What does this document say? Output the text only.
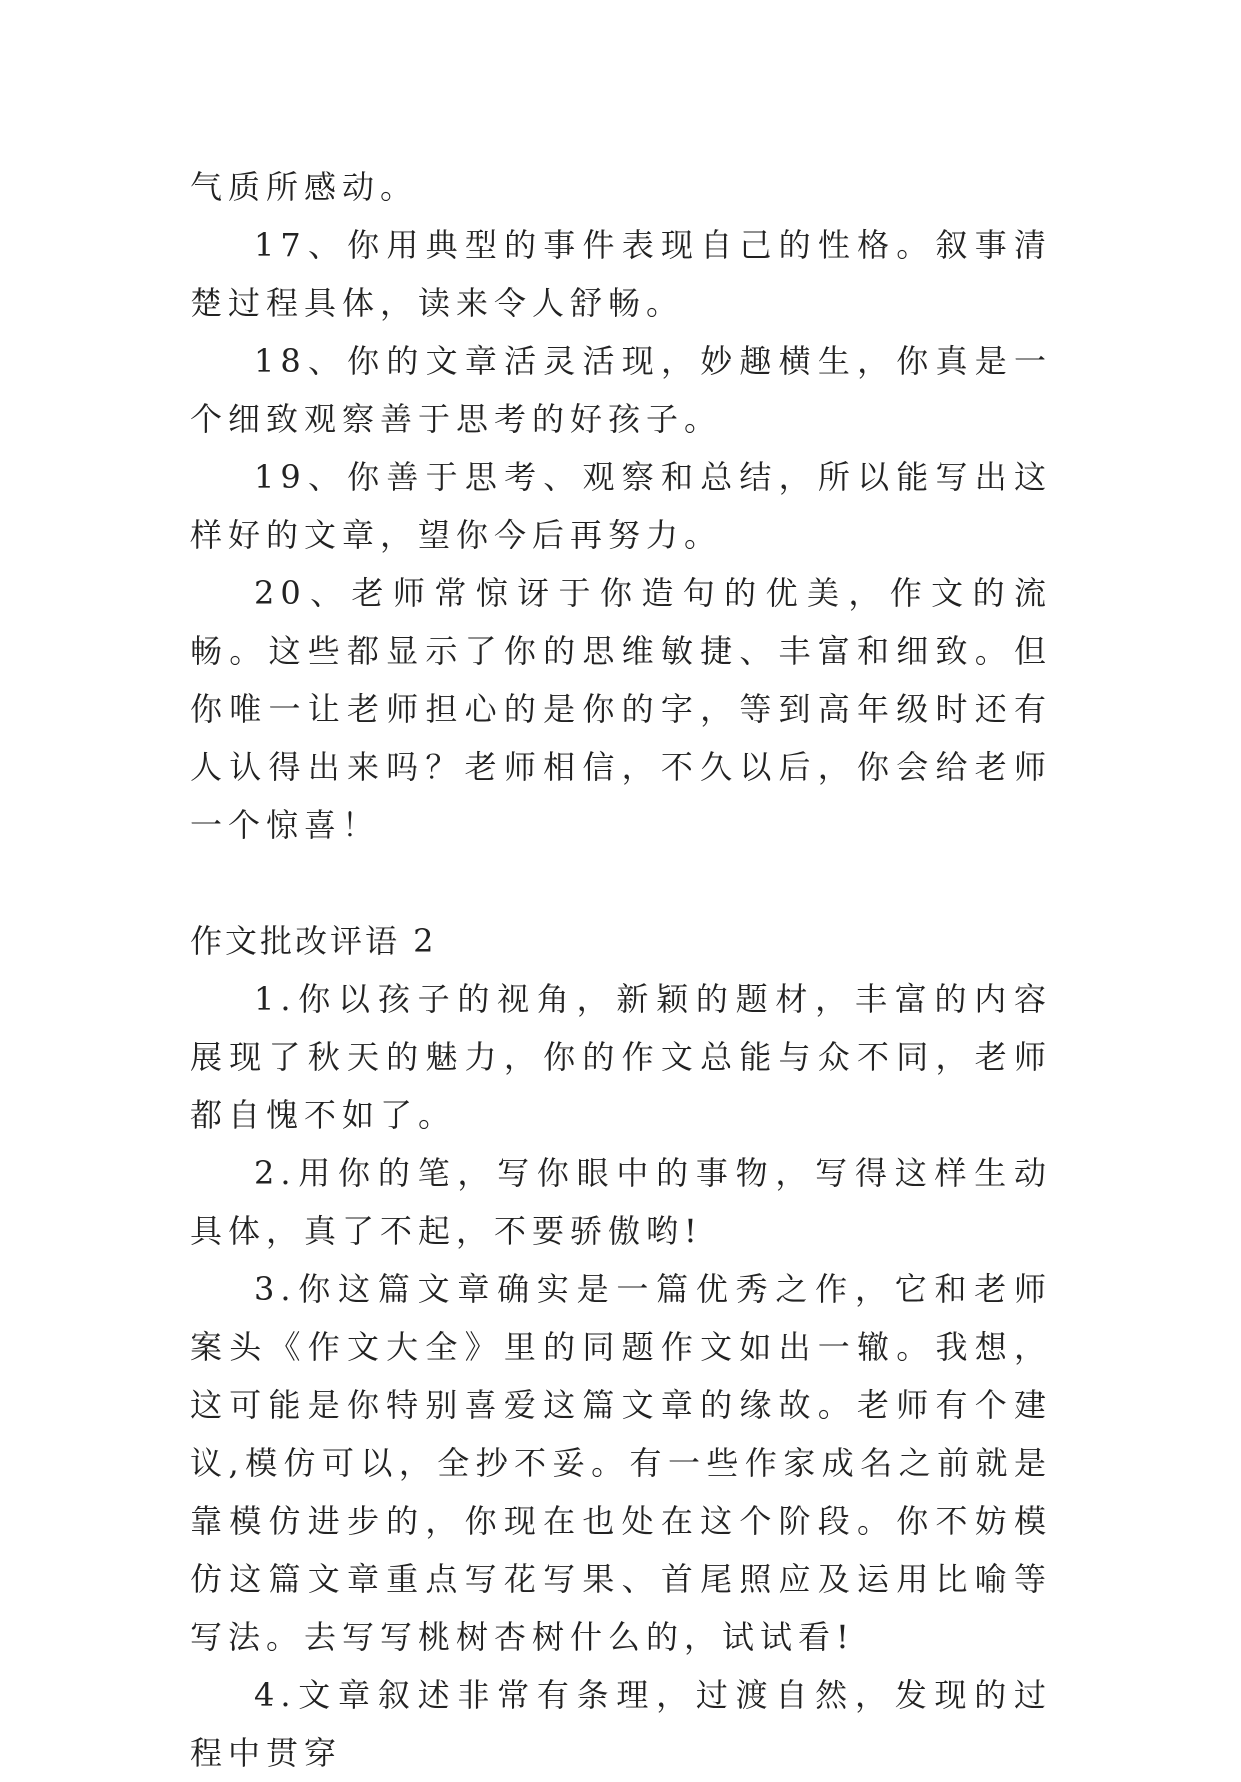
气质所感动。

17、你用典型的事件表现自己的性格。叙事清楚过程具体，读来令人舒畅。

18、你的文章活灵活现，妙趣横生，你真是一个细致观察善于思考的好孩子。

19、你善于思考、观察和总结，所以能写出这样好的文章，望你今后再努力。

20、老师常惊讶于你造句的优美，作文的流畅。这些都显示了你的思维敏捷、丰富和细致。但你唯一让老师担心的是你的字，等到高年级时还有人认得出来吗？老师相信，不久以后，你会给老师一个惊喜！

作文批改评语 2

1.你以孩子的视角，新颖的题材，丰富的内容展现了秋天的魅力，你的作文总能与众不同，老师都自愧不如了。

2.用你的笔，写你眼中的事物，写得这样生动具体，真了不起，不要骄傲哟!

3.你这篇文章确实是一篇优秀之作，它和老师案头《作文大全》里的同题作文如出一辙。我想，这可能是你特别喜爱这篇文章的缘故。老师有个建议,模仿可以，全抄不妥。有一些作家成名之前就是靠模仿进步的，你现在也处在这个阶段。你不妨模仿这篇文章重点写花写果、首尾照应及运用比喻等写法。去写写桃树杏树什么的，试试看!

4.文章叙述非常有条理，过渡自然，发现的过程中贯穿
